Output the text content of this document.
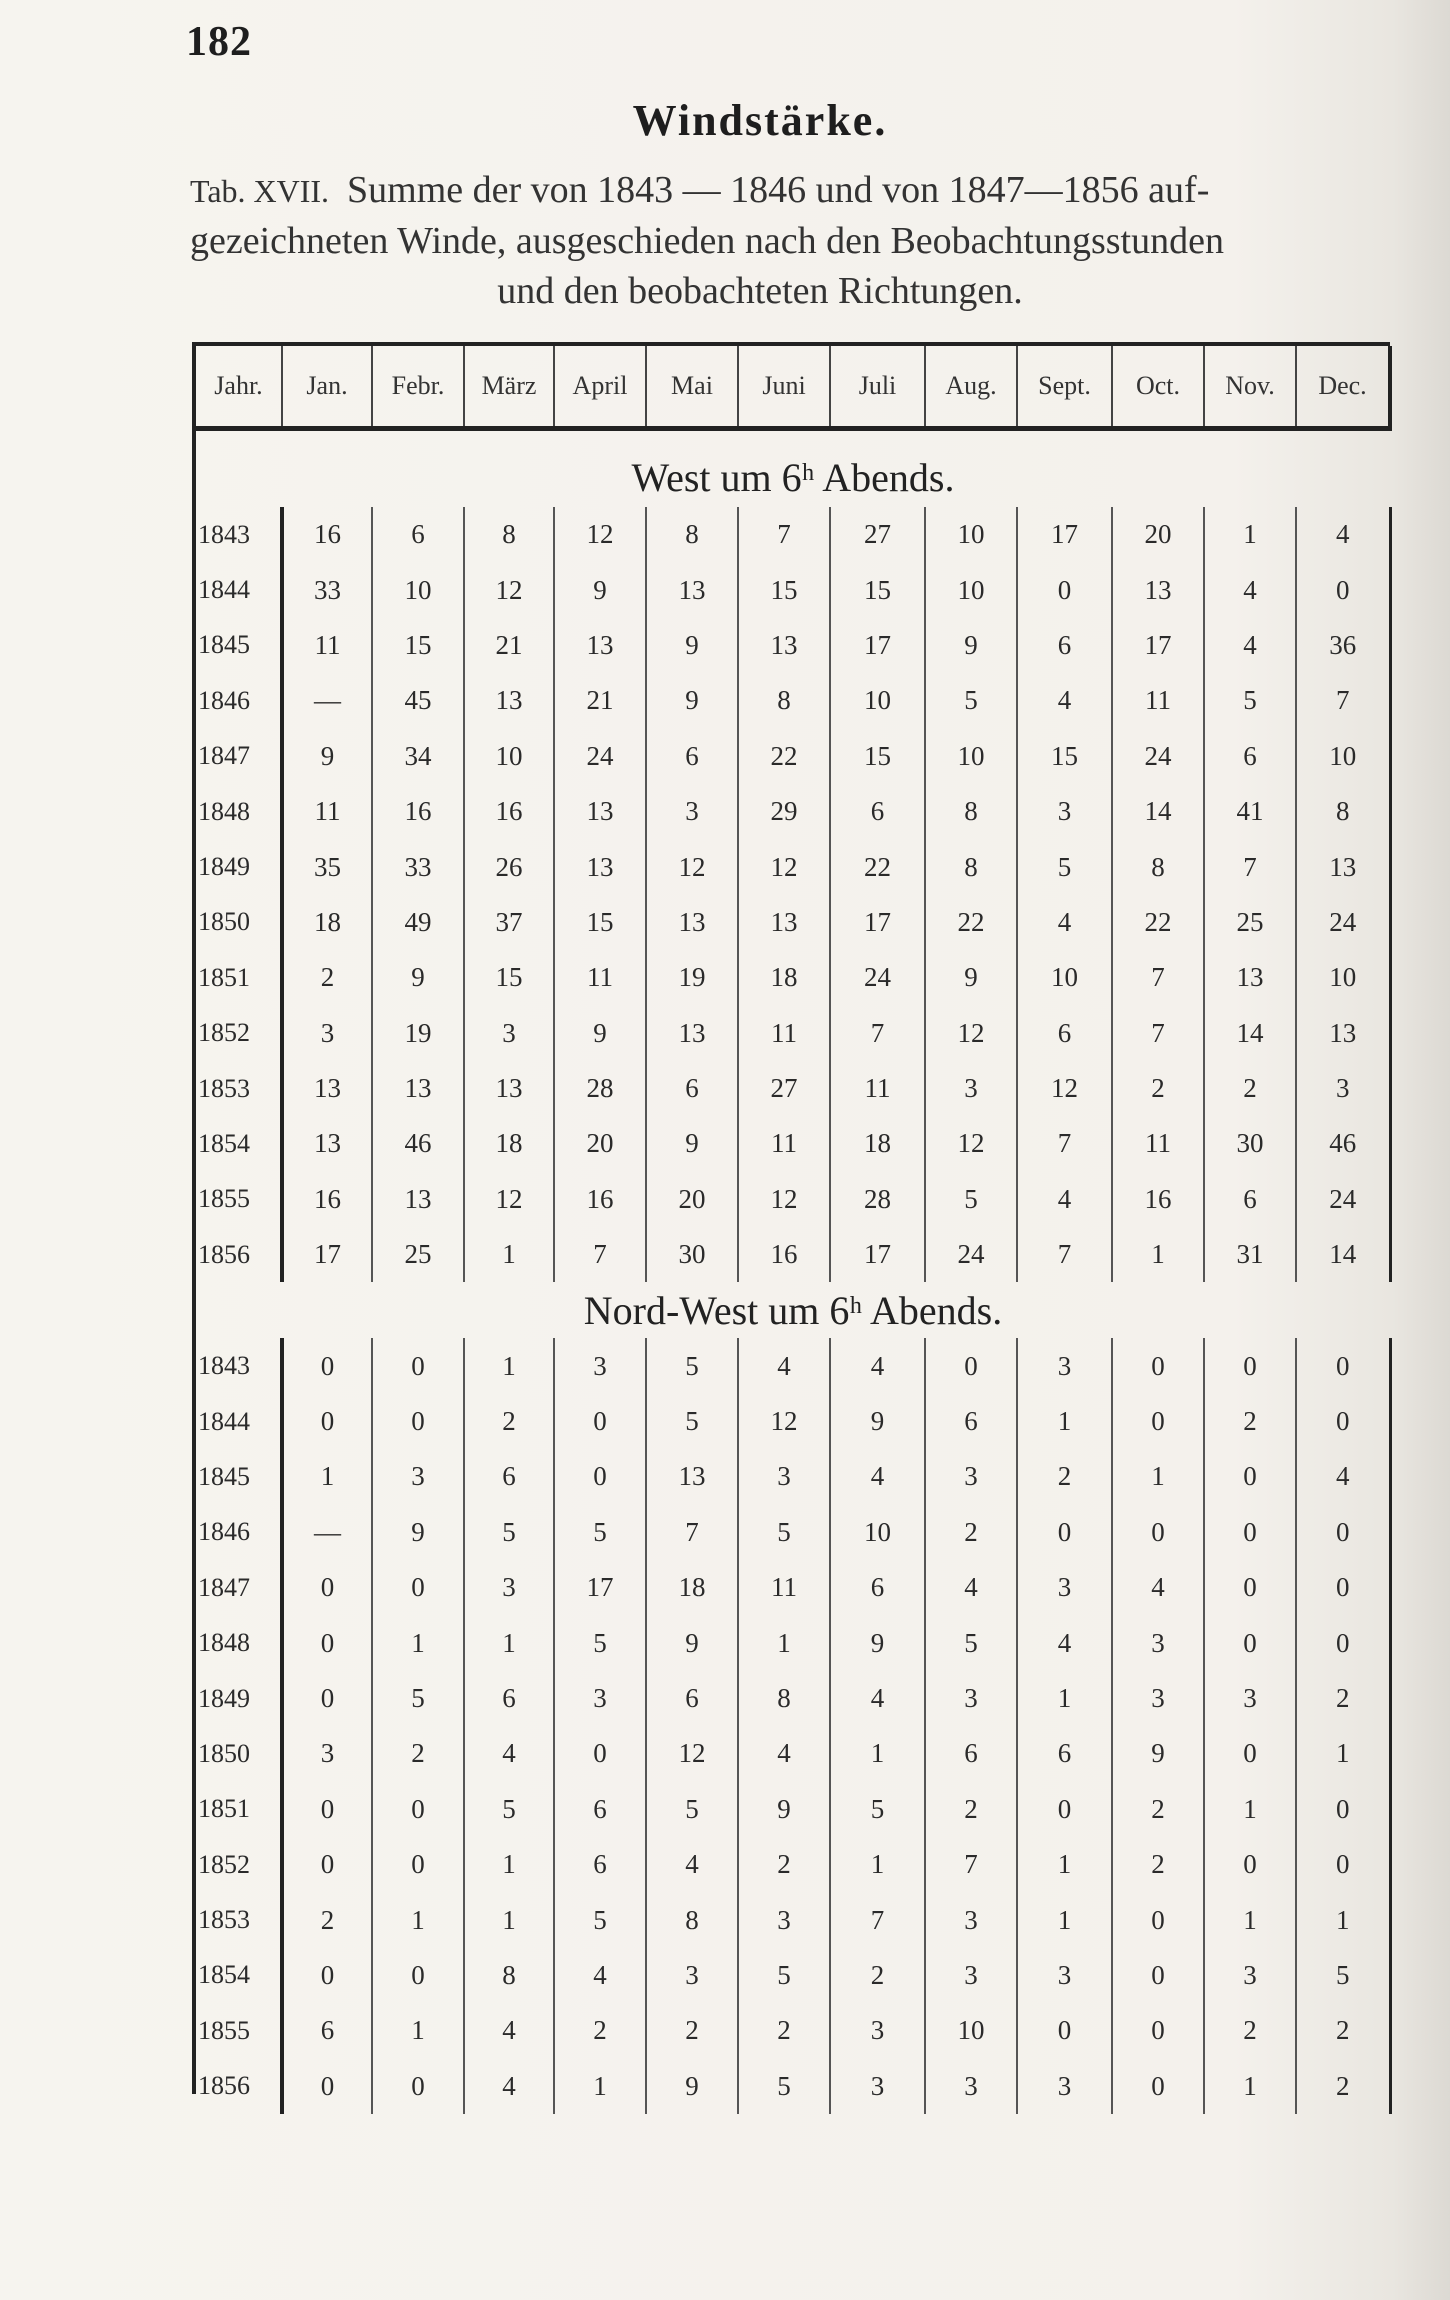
182
Windstärke.
Tab. XVII. Summe der von 1843 — 1846 und von 1847—1856 auf-
gezeichneten Winde, ausgeschieden nach den Beobachtungsstunden
und den beobachteten Richtungen.
Jahr.	Jan.	Febr.	März	April	Mai	Juni	Juli	Aug.	Sept.	Oct.	Nov.	Dec.
West um 6ʰ Abends.												
1843	16	6	8	12	8	7	27	10	17	20	1	4
1844	33	10	12	9	13	15	15	10	0	13	4	0
1845	11	15	21	13	9	13	17	9	6	17	4	36
1846	—	45	13	21	9	8	10	5	4	11	5	7
1847	9	34	10	24	6	22	15	10	15	24	6	10
1848	11	16	16	13	3	29	6	8	3	14	41	8
1849	35	33	26	13	12	12	22	8	5	8	7	13
1850	18	49	37	15	13	13	17	22	4	22	25	24
1851	2	9	15	11	19	18	24	9	10	7	13	10
1852	3	19	3	9	13	11	7	12	6	7	14	13
1853	13	13	13	28	6	27	11	3	12	2	2	3
1854	13	46	18	20	9	11	18	12	7	11	30	46
1855	16	13	12	16	20	12	28	5	4	16	6	24
1856	17	25	1	7	30	16	17	24	7	1	31	14
Nord-West um 6ʰ Abends.												
1843	0	0	1	3	5	4	4	0	3	0	0	0
1844	0	0	2	0	5	12	9	6	1	0	2	0
1845	1	3	6	0	13	3	4	3	2	1	0	4
1846	—	9	5	5	7	5	10	2	0	0	0	0
1847	0	0	3	17	18	11	6	4	3	4	0	0
1848	0	1	1	5	9	1	9	5	4	3	0	0
1849	0	5	6	3	6	8	4	3	1	3	3	2
1850	3	2	4	0	12	4	1	6	6	9	0	1
1851	0	0	5	6	5	9	5	2	0	2	1	0
1852	0	0	1	6	4	2	1	7	1	2	0	0
1853	2	1	1	5	8	3	7	3	1	0	1	1
1854	0	0	8	4	3	5	2	3	3	0	3	5
1855	6	1	4	2	2	2	3	10	0	0	2	2
1856	0	0	4	1	9	5	3	3	3	0	1	2
